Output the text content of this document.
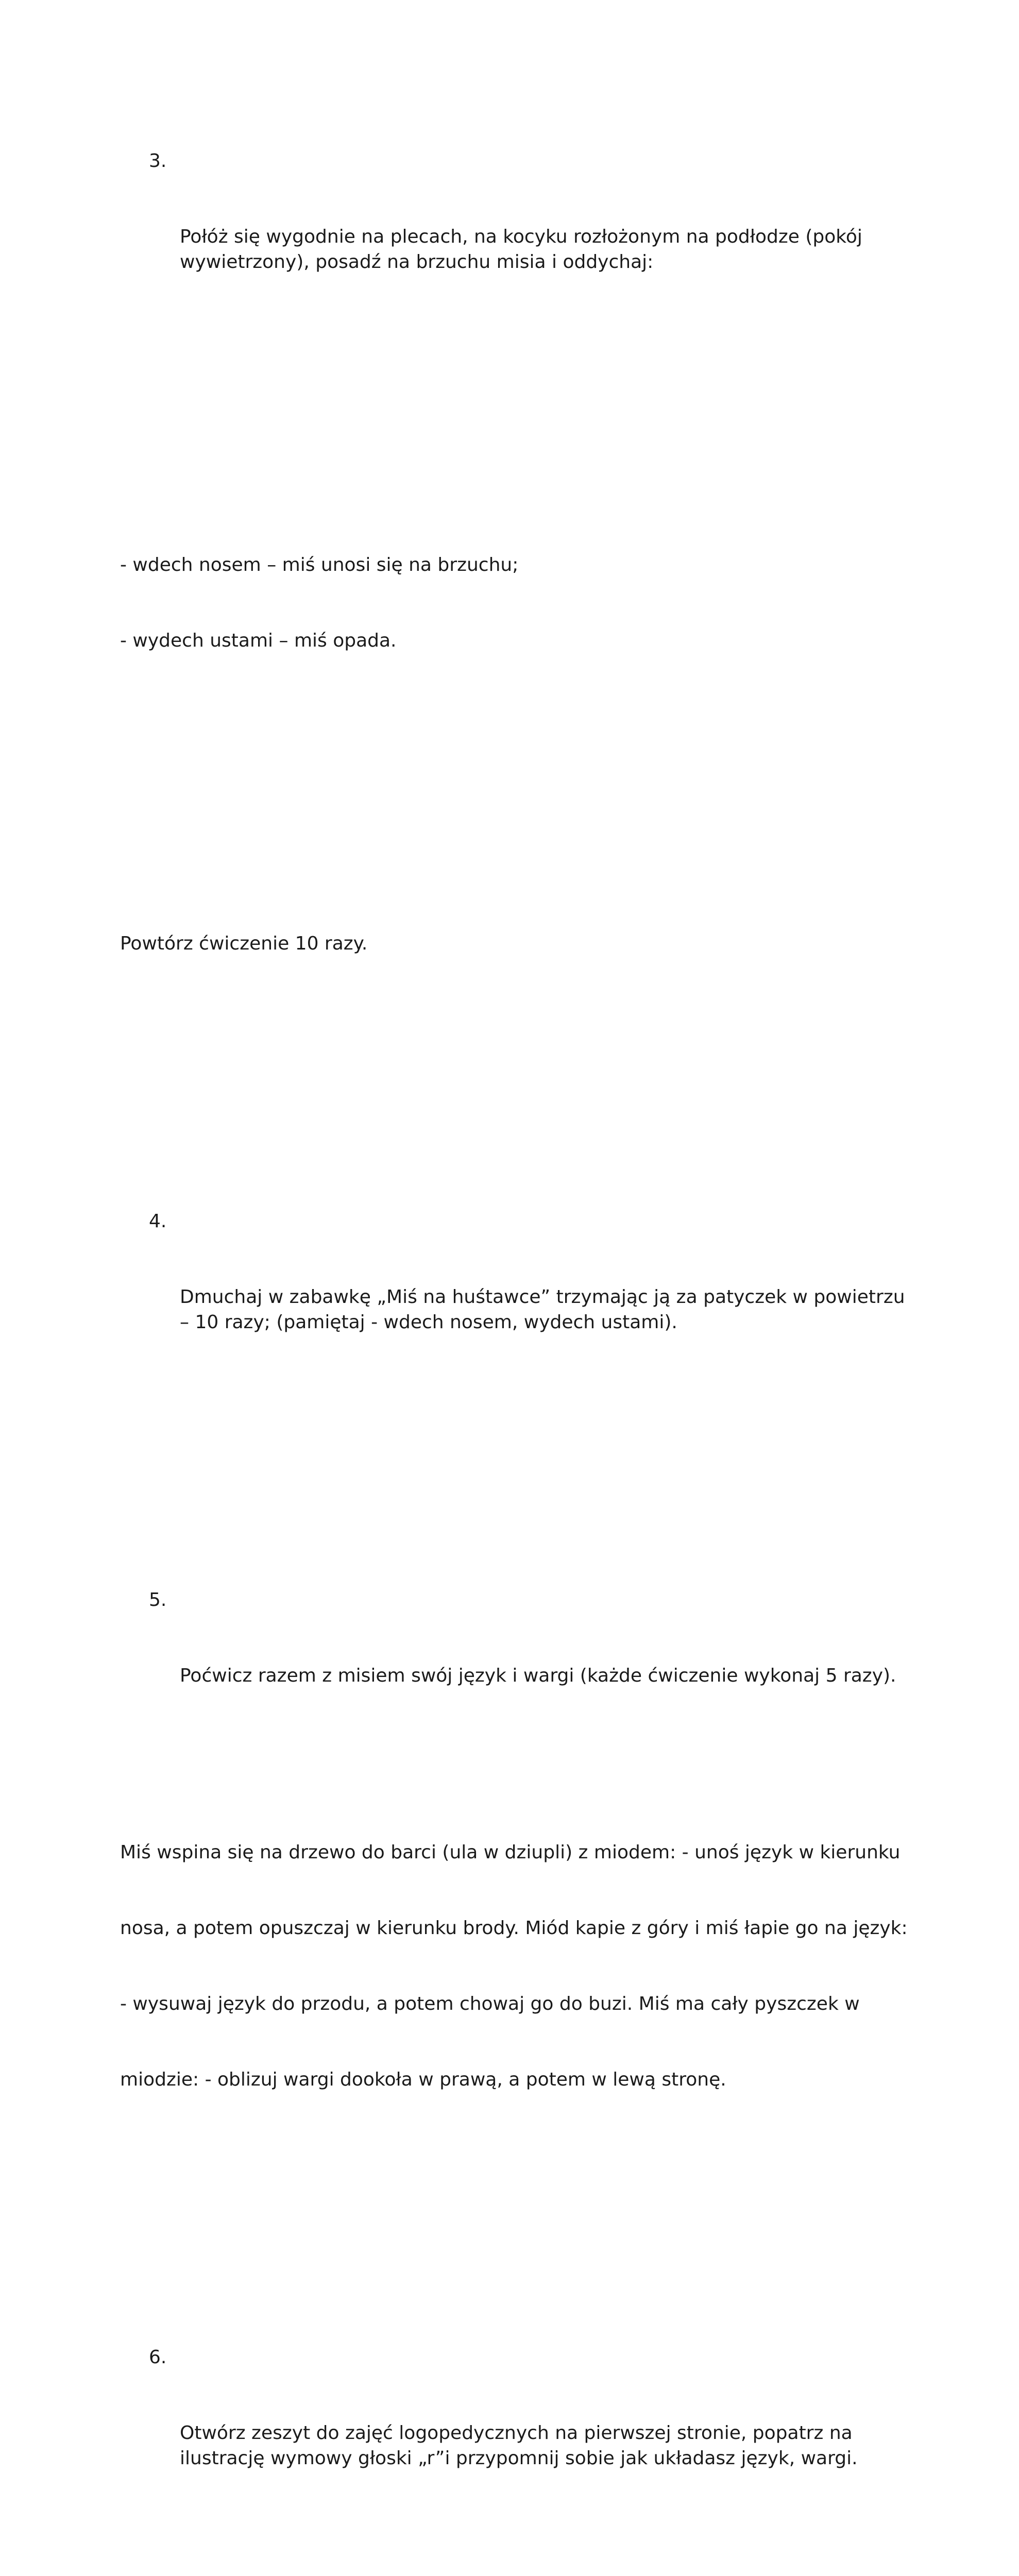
3.

Połóż się wygodnie na plecach, na kocyku rozłożonym na podłodze (pokój
wywietrzony), posadź na brzuchu misia i oddychaj:

- wdech nosem – miś unosi się na brzuchu;

- wydech ustami – miś opada.

Powtórz ćwiczenie 10 razy.

4.

Dmuchaj w zabawkę „Miś na huśtawce” trzymając ją za patyczek w powietrzu
– 10 razy; (pamiętaj - wdech nosem, wydech ustami).

5.

Poćwicz razem z misiem swój język i wargi (każde ćwiczenie wykonaj 5 razy).

Miś wspina się na drzewo do barci (ula w dziupli) z miodem: - unoś język w kierunku

nosa, a potem opuszczaj w kierunku brody. Miód kapie z góry i miś łapie go na język:

- wysuwaj język do przodu, a potem chowaj go do buzi. Miś ma cały pyszczek w

miodzie: - oblizuj wargi dookoła w prawą, a potem w lewą stronę.

6.

Otwórz zeszyt do zajęć logopedycznych na pierwszej stronie, popatrz na
ilustrację wymowy głoski „r”i przypomnij sobie jak układasz język, wargi.
